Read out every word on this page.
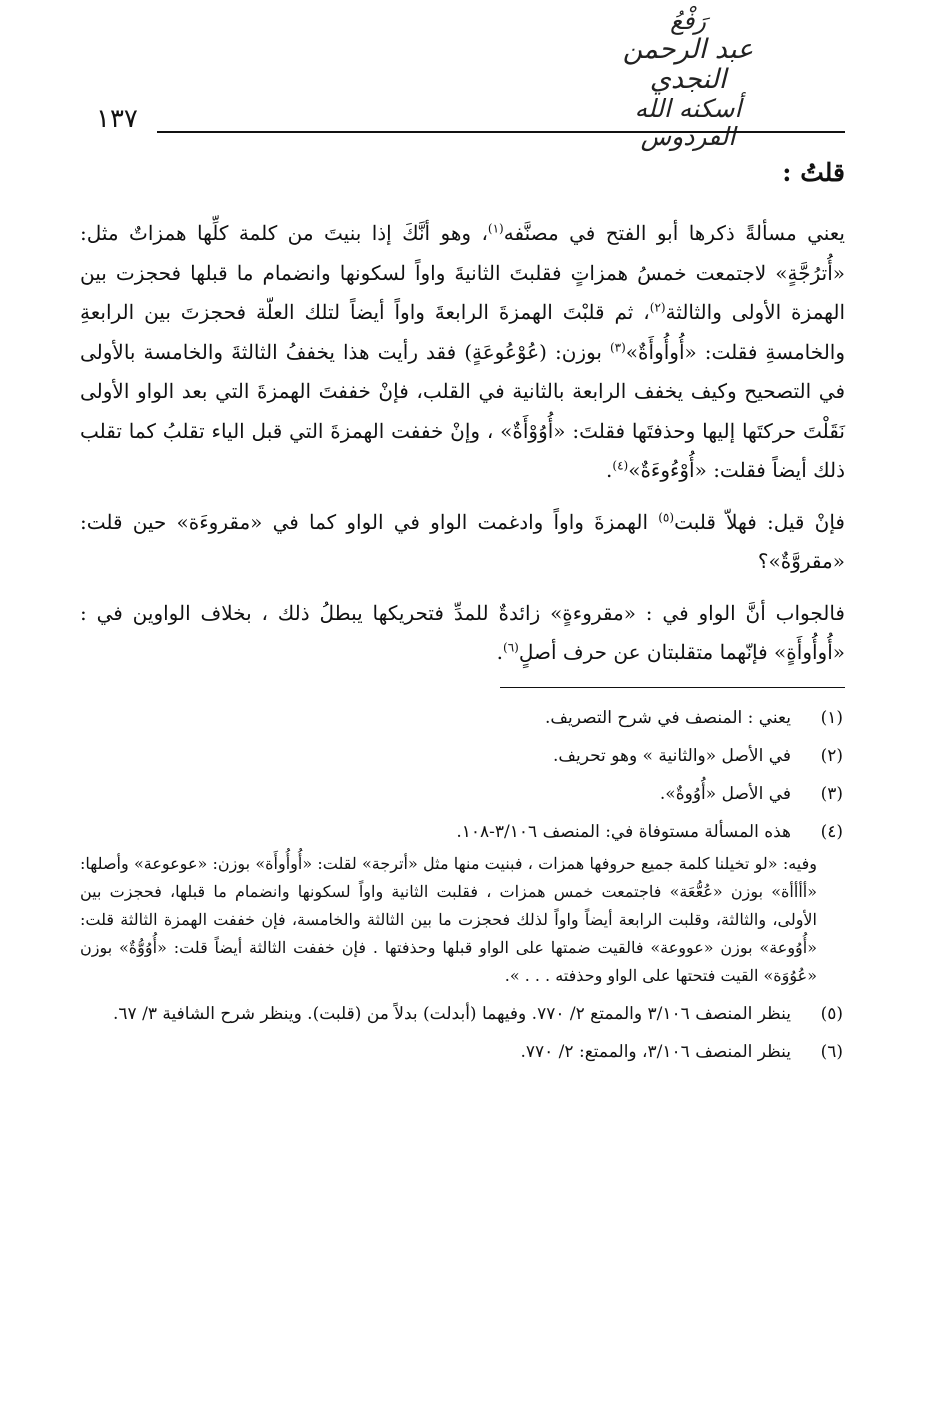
رَفْعُ
عبد الرحمن النجدي
أسكنه الله الفردوس
١٣٧
قلتُ :

يعني مسألةً ذكرها أبو الفتح في مصنَّفه$^{(١)}$، وهو أنَّكَ إذا بنيتَ من كلمة كلِّها همزاتٌ مثل: «أُترُجَّةٍ» لاجتمعت خمسُ همزاتٍ فقلبتَ الثانيةَ واواً لسكونها وانضمام ما قبلها فحجزت بين الهمزة الأولى والثالثة$^{(٢)}$، ثم قلبْتَ الهمزةَ الرابعةَ واواً أيضاً لتلك العلّة فحجزتَ بين الرابعةِ والخامسةِ فقلت: «أُوأُوأَةٌ»$^{(٣)}$ بوزن: (عُوْعُوعَةٍ) فقد رأيت هذا يخففُ الثالثةَ والخامسة بالأولى في التصحيح وكيف يخفف الرابعة بالثانية في القلب، فإنْ خففتَ الهمزةَ التي بعد الواو الأولى نَقَلْتَ حركتَها إليها وحذفتَها فقلتَ: «أُوُوْأَةٌ» ، وإنْ خففت الهمزةَ التي قبل الياء تقلبُ كما تقلب ذلك أيضاً فقلت: «أُوْءُوءَةٌ»$^{(٤)}$.

فإنْ قيل: فهلاّ قلبت$^{(٥)}$ الهمزةَ واواً وادغمت الواو في الواو كما في «مقروءَة» حين قلت: «مقروَّةٌ»؟

فالجواب أنَّ الواو في : «مقروءةٍ» زائدةٌ للمدِّ فتحريكها يبطلُ ذلك ، بخلاف الواوين في : «أُوأُوأَةٍ» فإنّهما متقلبتان عن حرف أصلٍ$^{(٦)}$.

(١)
يعني : المنصف في شرح التصريف.
(٢)
في الأصل «والثانية » وهو تحريف.
(٣)
في الأصل «أُوُوةٌ».
(٤)
هذه المسألة مستوفاة في: المنصف ٣/١٠٦-١٠٨.
وفيه: «لو تخيلنا كلمة جميع حروفها همزات ، فبنيت منها مثل «أترجة» لقلت: «أُوأُوأَة» بوزن: «عوعوعة» وأصلها: «أأأأة» بوزن «عُعُّعَة» فاجتمعت خمس همزات ، فقلبت الثانية واواً لسكونها وانضمام ما قبلها، فحجزت بين الأولى، والثالثة، وقلبت الرابعة أيضاً واواً لذلك فحجزت ما بين الثالثة والخامسة، فإن خففت الهمزة الثالثة قلت: «أُوُوعة» بوزن «عووعة» فالقيت ضمتها على الواو قبلها وحذفتها . فإن خففت الثالثة أيضاً قلت: «أُوُوُّةٌ» بوزن «عُوُوَة» القيت فتحتها على الواو وحذفته . . . ».
(٥)
ينظر المنصف ٣/١٠٦ والممتع ٢/ ٧٧٠. وفيهما (أبدلت) بدلاً من (قلبت). وينظر شرح الشافية ٣/ ٦٧.
(٦)
ينظر المنصف ٣/١٠٦، والممتع: ٢/ ٧٧٠.
